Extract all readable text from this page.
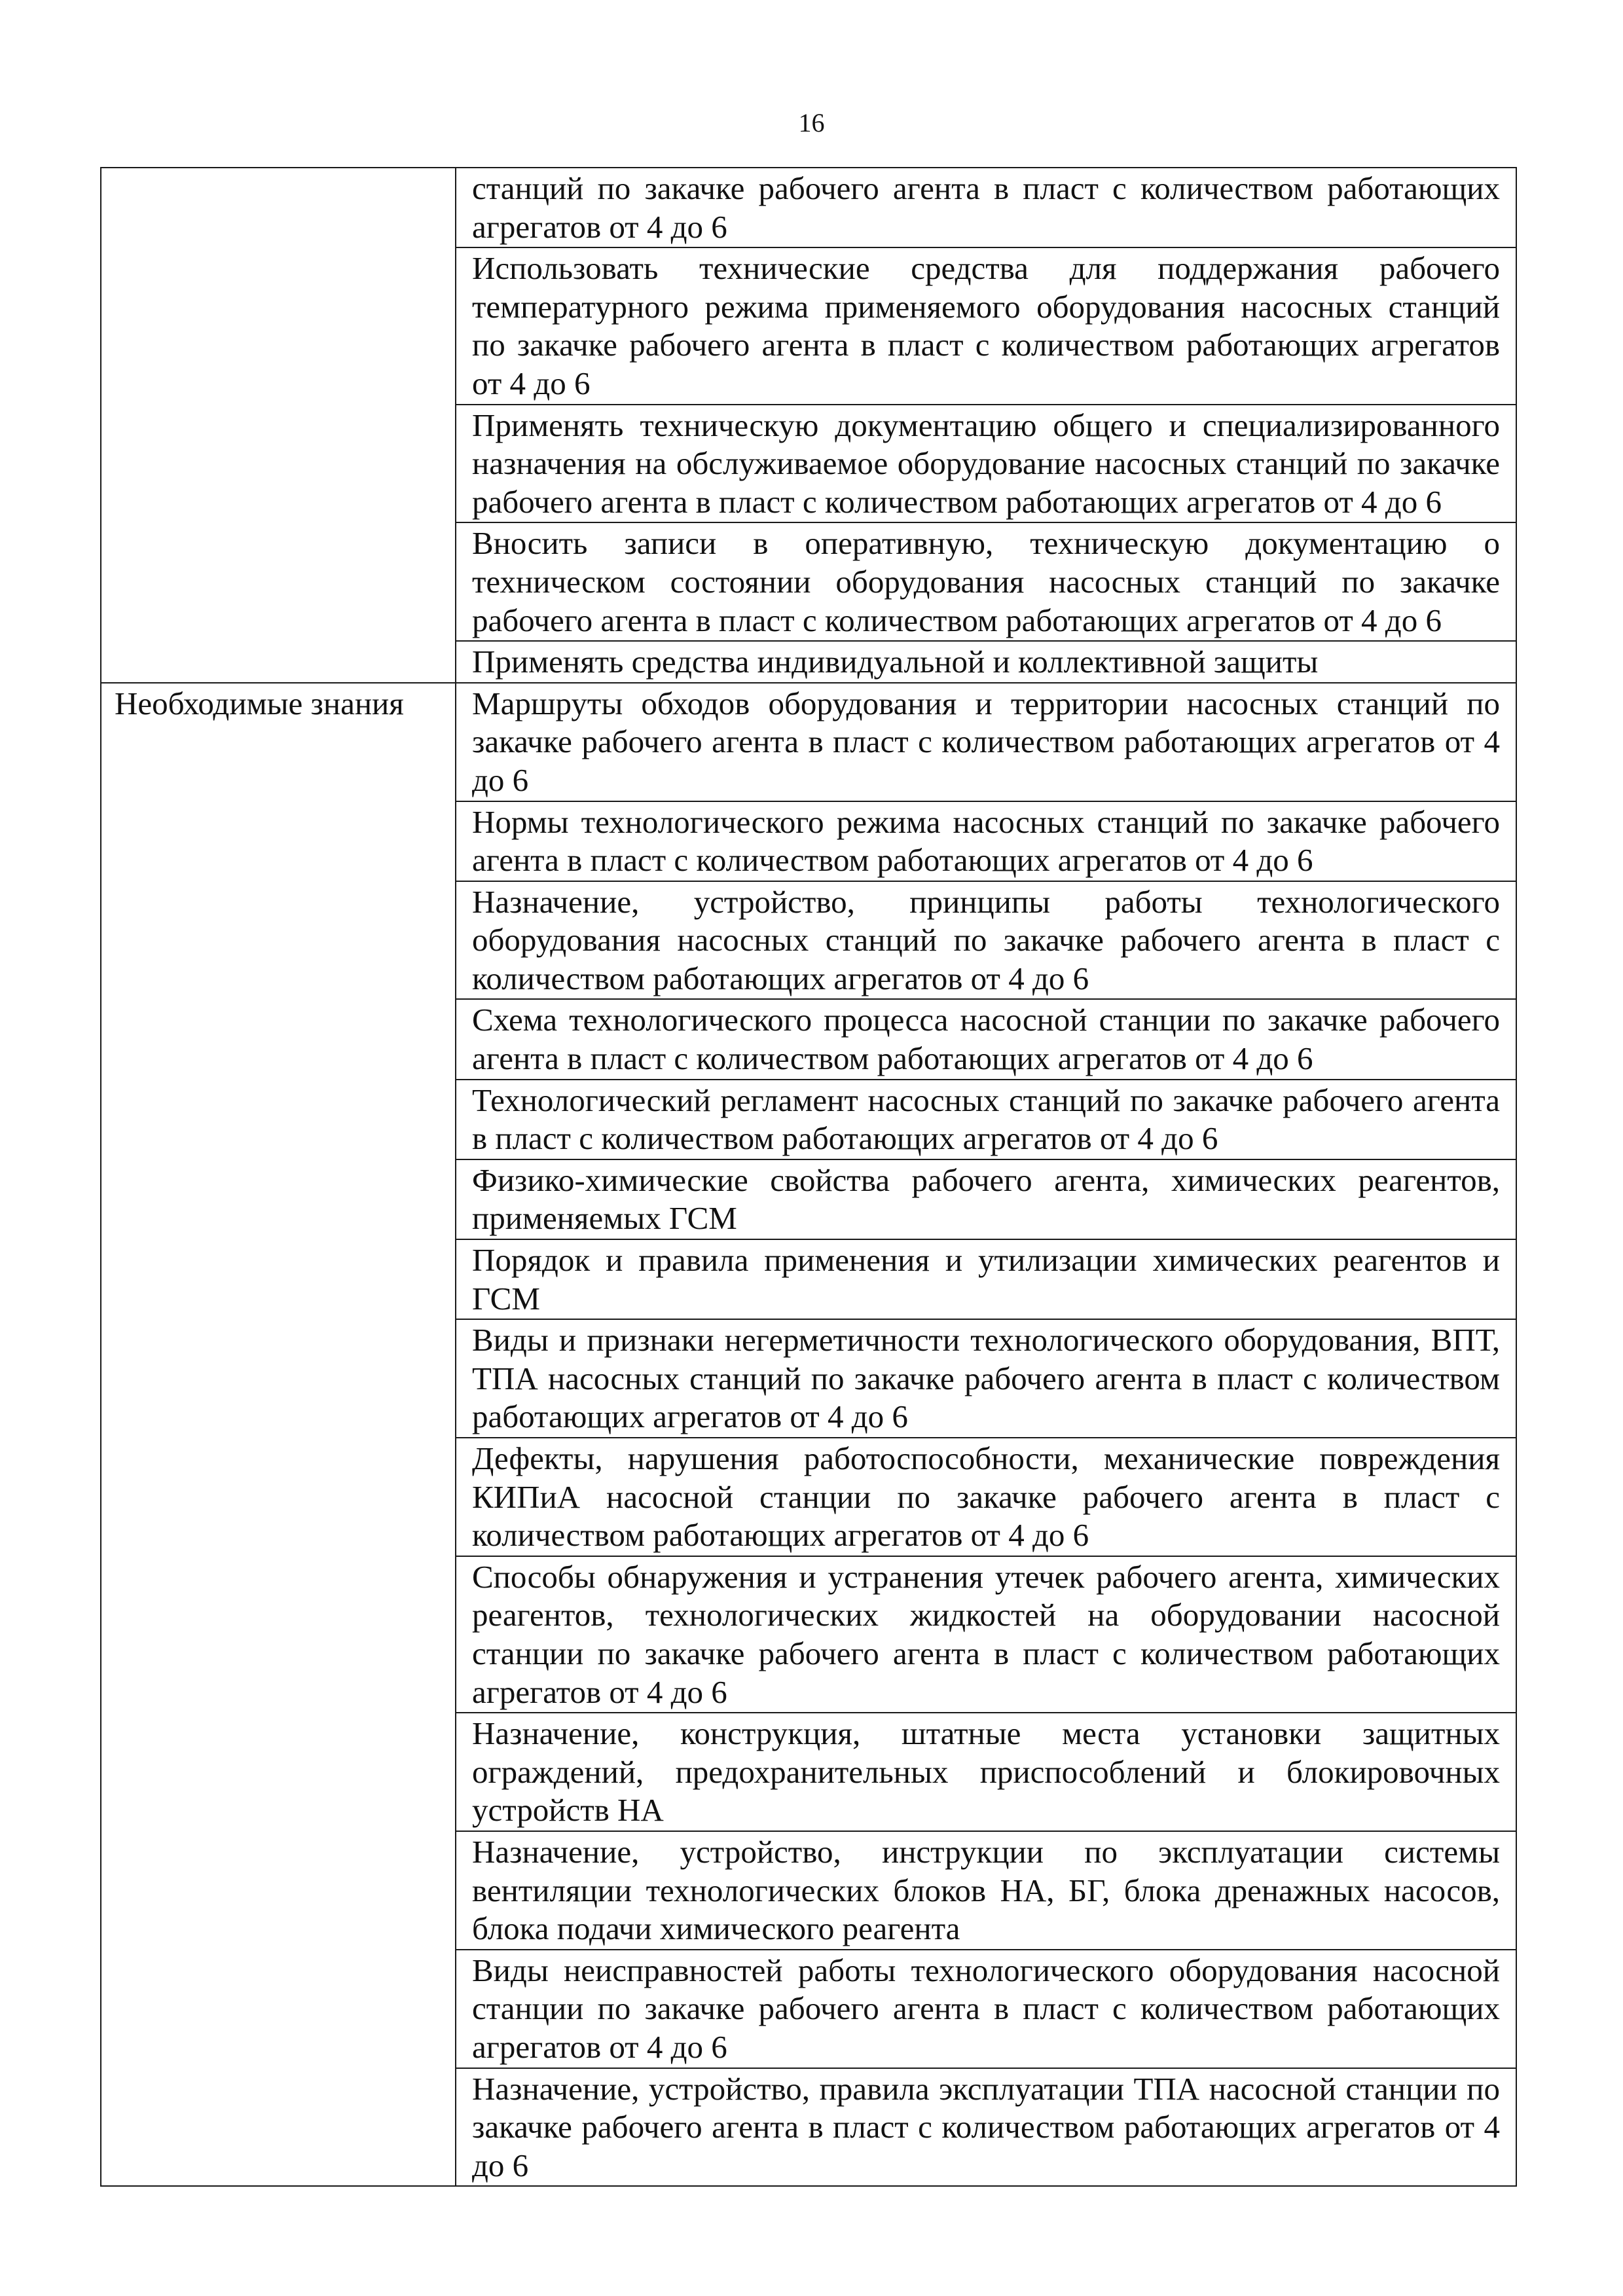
16
	станций по закачке рабочего агента в пласт с количеством работающих агрегатов от 4 до 6
	Использовать технические средства для поддержания рабочего температурного режима применяемого оборудования насосных станций по закачке рабочего агента в пласт с количеством работающих агрегатов от 4 до 6
	Применять техническую документацию общего и специализированного назначения на обслуживаемое оборудование насосных станций по закачке рабочего агента в пласт с количеством работающих агрегатов от 4 до 6
	Вносить записи в оперативную, техническую документацию о техническом состоянии оборудования насосных станций по закачке рабочего агента в пласт с количеством работающих агрегатов от 4 до 6
	Применять средства индивидуальной и коллективной защиты
Необходимые знания	Маршруты обходов оборудования и территории насосных станций по закачке рабочего агента в пласт с количеством работающих агрегатов от 4 до 6
	Нормы технологического режима насосных станций по закачке рабочего агента в пласт с количеством работающих агрегатов от 4 до 6
	Назначение, устройство, принципы работы технологического оборудования насосных станций по закачке рабочего агента в пласт с количеством работающих агрегатов от 4 до 6
	Схема технологического процесса насосной станции по закачке рабочего агента в пласт с количеством работающих агрегатов от 4 до 6
	Технологический регламент насосных станций по закачке рабочего агента в пласт с количеством работающих агрегатов от 4 до 6
	Физико-химические свойства рабочего агента, химических реагентов, применяемых ГСМ
	Порядок и правила применения и утилизации химических реагентов и ГСМ
	Виды и признаки негерметичности технологического оборудования, ВПТ, ТПА насосных станций по закачке рабочего агента в пласт с количеством работающих агрегатов от 4 до 6
	Дефекты, нарушения работоспособности, механические повреждения КИПиА насосной станции по закачке рабочего агента в пласт с количеством работающих агрегатов от 4 до 6
	Способы обнаружения и устранения утечек рабочего агента, химических реагентов, технологических жидкостей на оборудовании насосной станции по закачке рабочего агента в пласт с количеством работающих агрегатов от 4 до 6
	Назначение, конструкция, штатные места установки защитных ограждений, предохранительных приспособлений и блокировочных устройств НА
	Назначение, устройство, инструкции по эксплуатации системы вентиляции технологических блоков НА, БГ, блока дренажных насосов, блока подачи химического реагента
	Виды неисправностей работы технологического оборудования насосной станции по закачке рабочего агента в пласт с количеством работающих агрегатов от 4 до 6
	Назначение, устройство, правила эксплуатации ТПА насосной станции по закачке рабочего агента в пласт с количеством работающих агрегатов от 4 до 6
